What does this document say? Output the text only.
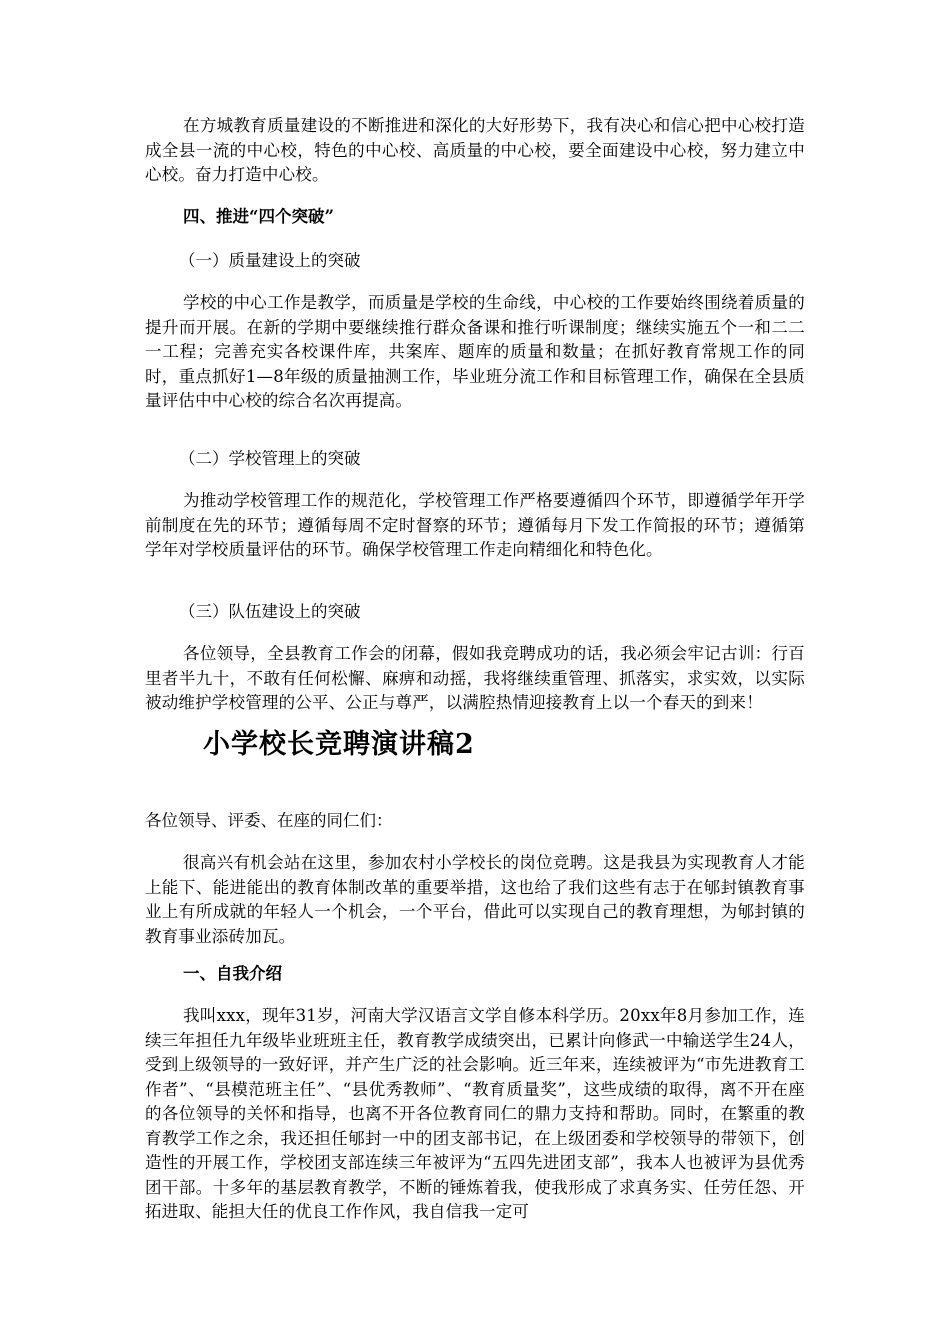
在方城教育质量建设的不断推进和深化的大好形势下，我有决心和信心把中心校打造成全县一流的中心校，特色的中心校、高质量的中心校，要全面建设中心校，努力建立中心校。奋力打造中心校。

四、推进“四个突破”

（一）质量建设上的突破

学校的中心工作是教学，而质量是学校的生命线，中心校的工作要始终围绕着质量的提升而开展。在新的学期中要继续推行群众备课和推行听课制度；继续实施五个一和二二一工程；完善充实各校课件库，共案库、题库的质量和数量；在抓好教育常规工作的同时，重点抓好1—8年级的质量抽测工作，毕业班分流工作和目标管理工作，确保在全县质量评估中中心校的综合名次再提高。

（二）学校管理上的突破

为推动学校管理工作的规范化，学校管理工作严格要遵循四个环节，即遵循学年开学前制度在先的环节；遵循每周不定时督察的环节；遵循每月下发工作简报的环节；遵循第学年对学校质量评估的环节。确保学校管理工作走向精细化和特色化。

（三）队伍建设上的突破

各位领导，全县教育工作会的闭幕，假如我竞聘成功的话，我必须会牢记古训：行百里者半九十，不敢有任何松懈、麻痹和动摇，我将继续重管理、抓落实，求实效，以实际被动维护学校管理的公平、公正与尊严，以满腔热情迎接教育上以一个春天的到来！

小学校长竞聘演讲稿2

各位领导、评委、在座的同仁们：

很高兴有机会站在这里，参加农村小学校长的岗位竞聘。这是我县为实现教育人才能上能下、能进能出的教育体制改革的重要举措，这也给了我们这些有志于在郇封镇教育事业上有所成就的年轻人一个机会，一个平台，借此可以实现自己的教育理想，为郇封镇的教育事业添砖加瓦。

一、自我介绍

我叫xxx，现年31岁，河南大学汉语言文学自修本科学历。20xx年8月参加工作，连续三年担任九年级毕业班班主任，教育教学成绩突出，已累计向修武一中输送学生24人，受到上级领导的一致好评，并产生广泛的社会影响。近三年来，连续被评为“市先进教育工作者”、“县模范班主任”、“县优秀教师”、“教育质量奖”，这些成绩的取得，离不开在座的各位领导的关怀和指导，也离不开各位教育同仁的鼎力支持和帮助。同时，在繁重的教育教学工作之余，我还担任郇封一中的团支部书记，在上级团委和学校领导的带领下，创造性的开展工作，学校团支部连续三年被评为“五四先进团支部”，我本人也被评为县优秀团干部。十多年的基层教育教学，不断的锤炼着我，使我形成了求真务实、任劳任怨、开拓进取、能担大任的优良工作作风，我自信我一定可
